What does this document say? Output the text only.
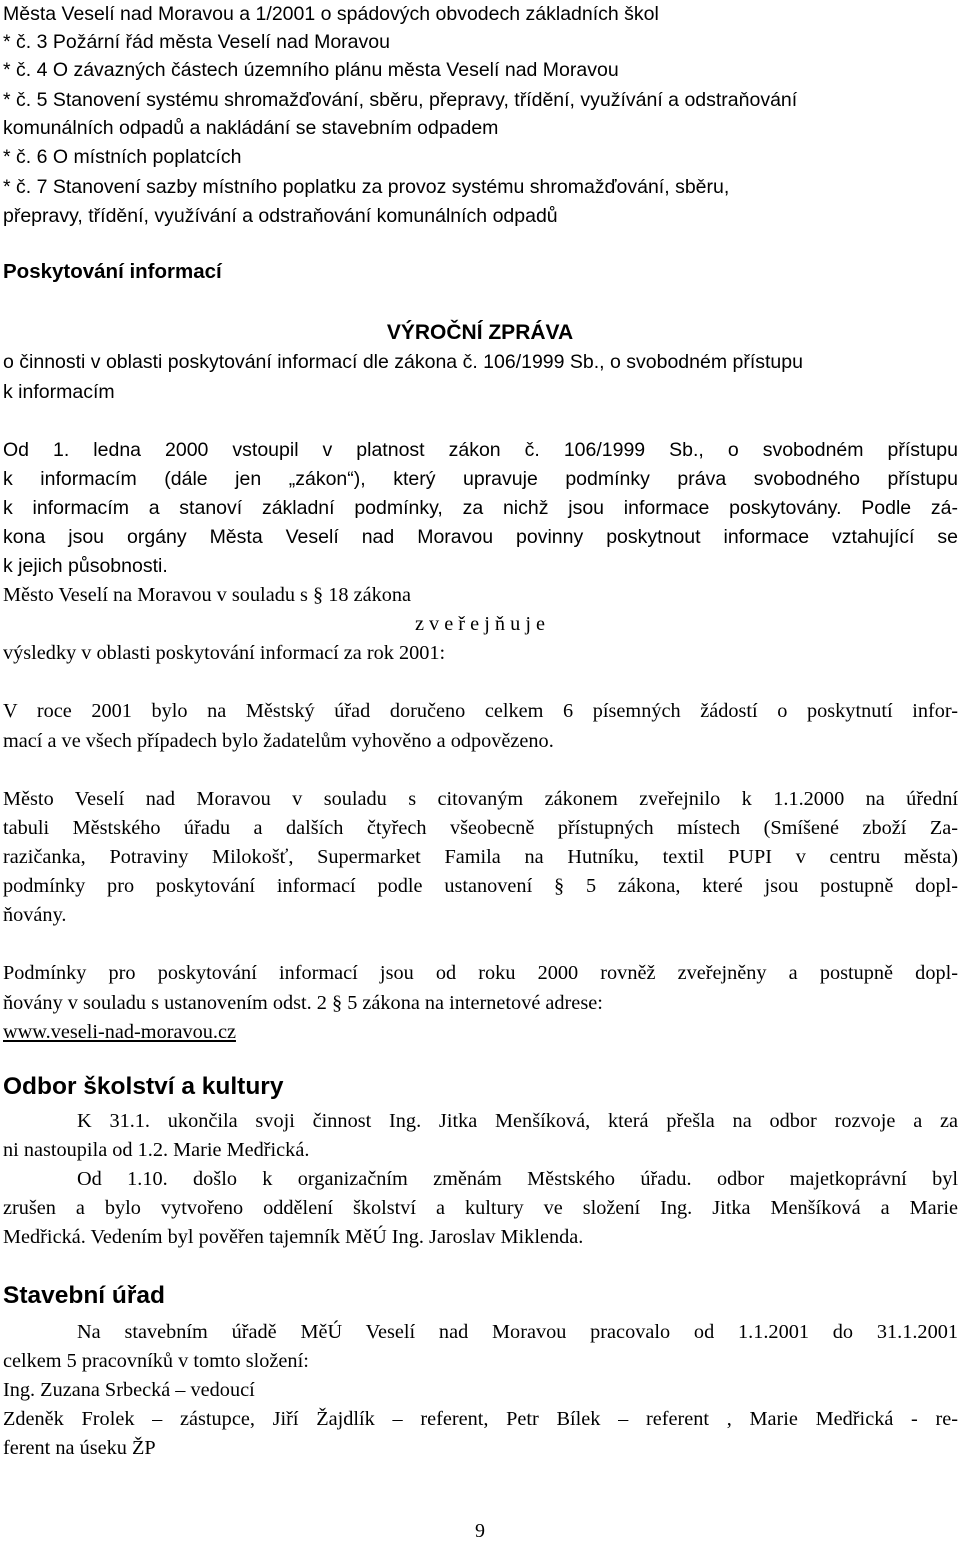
Města Veselí nad Moravou a 1/2001 o spádových obvodech základních škol
* č. 3 Požární řád města Veselí nad Moravou
* č. 4 O závazných částech územního plánu města Veselí nad Moravou
* č. 5 Stanovení systému shromažďování, sběru, přepravy, třídění, využívání a odstraňování
komunálních odpadů a nakládání se stavebním odpadem
* č. 6 O místních poplatcích
* č. 7 Stanovení sazby místního poplatku za provoz systému shromažďování, sběru,
přepravy, třídění, využívání a odstraňování komunálních odpadů
Poskytování informací
VÝROČNÍ ZPRÁVA
o činnosti v oblasti poskytování informací dle zákona č. 106/1999 Sb., o svobodném přístupu
k informacím
Od 1. ledna 2000 vstoupil v platnost zákon č. 106/1999 Sb., o svobodném přístupu
k informacím (dále jen „zákon“), který upravuje podmínky práva svobodného přístupu
k informacím a stanoví základní podmínky, za nichž jsou informace poskytovány. Podle zá-
kona jsou orgány Města Veselí nad Moravou povinny poskytnout informace vztahující se
k jejich působnosti.
Město Veselí na Moravou v souladu s § 18 zákona
z v e ř e j ň u j e
výsledky v oblasti poskytování informací za rok 2001:
V roce 2001 bylo na Městský úřad doručeno celkem 6 písemných žádostí o poskytnutí infor-
mací a ve všech případech bylo žadatelům vyhověno a odpovězeno.
Město Veselí nad Moravou v souladu s citovaným zákonem zveřejnilo k 1.1.2000 na úřední
tabuli Městského úřadu a dalších čtyřech všeobecně přístupných místech (Smíšené zboží Za-
razičanka, Potraviny Milokošť, Supermarket Famila na Hutníku, textil PUPI v centru města)
podmínky pro poskytování informací podle ustanovení § 5 zákona, které jsou postupně dopl-
ňovány.
Podmínky pro poskytování informací jsou od roku 2000 rovněž zveřejněny a postupně dopl-
ňovány v souladu s ustanovením odst. 2 § 5 zákona na internetové adrese:
www.veseli-nad-moravou.cz
Odbor školství a kultury
K 31.1. ukončila svoji činnost Ing. Jitka Menšíková, která přešla na odbor rozvoje a za
ni nastoupila od 1.2. Marie Medřická.
Od 1.10. došlo k organizačním změnám Městského úřadu. odbor majetkoprávní byl
zrušen a bylo vytvořeno oddělení školství a kultury ve složení Ing. Jitka Menšíková a Marie
Medřická. Vedením byl pověřen tajemník MěÚ Ing. Jaroslav Miklenda.
Stavební úřad
Na stavebním úřadě MěÚ Veselí nad Moravou pracovalo od 1.1.2001 do 31.1.2001
celkem 5 pracovníků v tomto složení:
Ing. Zuzana Srbecká – vedoucí
Zdeněk Frolek – zástupce, Jiří Žajdlík – referent, Petr Bílek – referent , Marie Medřická - re-
ferent na úseku ŽP
9
